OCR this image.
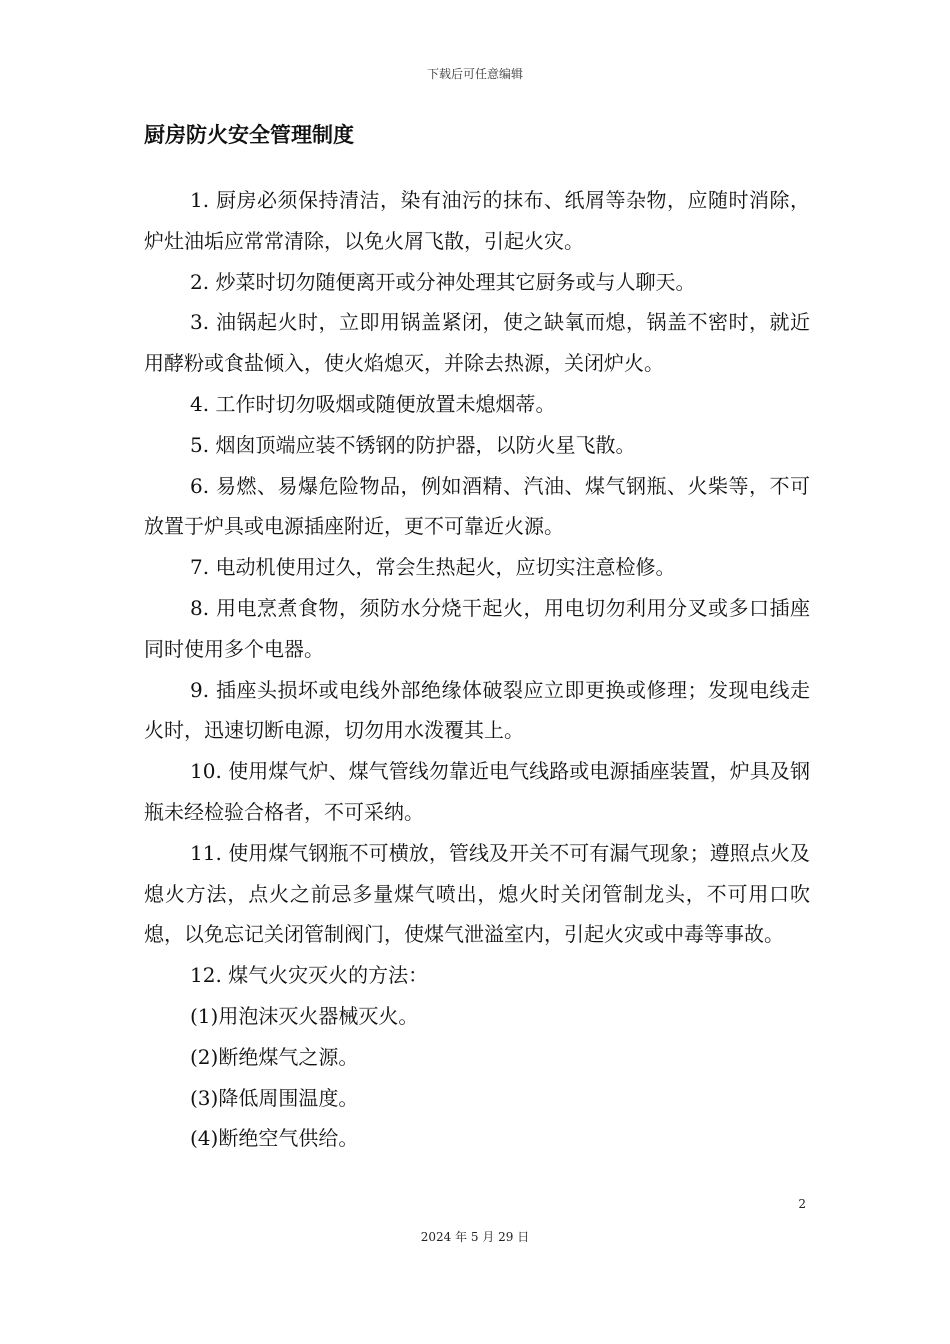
下载后可任意编辑
厨房防火安全管理制度

1. 厨房必须保持清洁，染有油污的抹布、纸屑等杂物，应随时消除，炉灶油垢应常常清除，以免火屑飞散，引起火灾。

2. 炒菜时切勿随便离开或分神处理其它厨务或与人聊天。

3. 油锅起火时，立即用锅盖紧闭，使之缺氧而熄，锅盖不密时，就近用酵粉或食盐倾入，使火焰熄灭，并除去热源，关闭炉火。

4. 工作时切勿吸烟或随便放置未熄烟蒂。

5. 烟囱顶端应装不锈钢的防护器，以防火星飞散。

6. 易燃、易爆危险物品，例如酒精、汽油、煤气钢瓶、火柴等，不可放置于炉具或电源插座附近，更不可靠近火源。

7. 电动机使用过久，常会生热起火，应切实注意检修。

8. 用电烹煮食物，须防水分烧干起火，用电切勿利用分叉或多口插座同时使用多个电器。

9. 插座头损坏或电线外部绝缘体破裂应立即更换或修理；发现电线走火时，迅速切断电源，切勿用水泼覆其上。

10. 使用煤气炉、煤气管线勿靠近电气线路或电源插座装置，炉具及钢瓶未经检验合格者，不可采纳。

11. 使用煤气钢瓶不可横放，管线及开关不可有漏气现象；遵照点火及熄火方法，点火之前忌多量煤气喷出，熄火时关闭管制龙头，不可用口吹熄，以免忘记关闭管制阀门，使煤气泄溢室内，引起火灾或中毒等事故。

12. 煤气火灾灭火的方法：

(1)用泡沫灭火器械灭火。

(2)断绝煤气之源。

(3)降低周围温度。

(4)断绝空气供给。

2
2024 年 5 月 29 日
